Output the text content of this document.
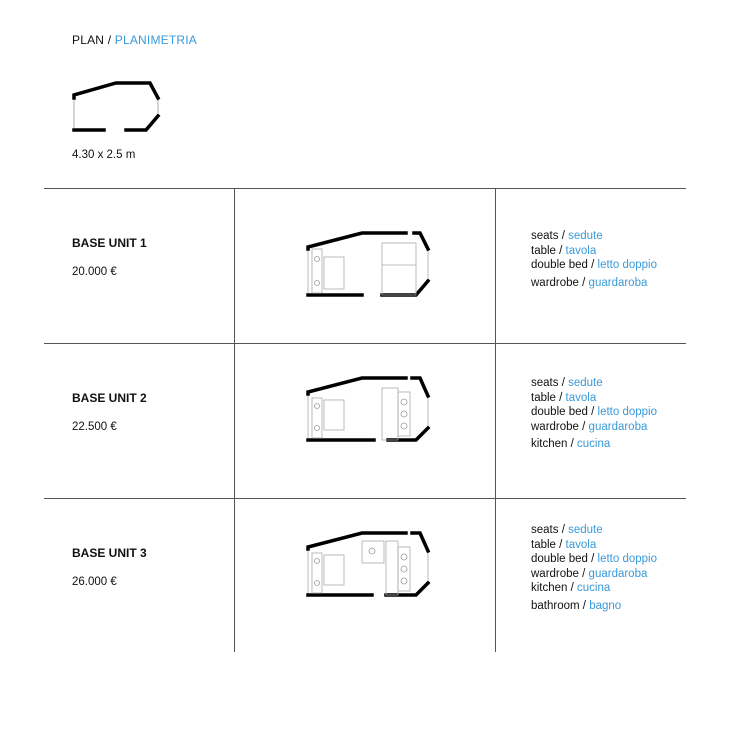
PLAN / PLANIMETRIA
4.30 x 2.5 m
BASE UNIT 1
20.000 €
seats / sedute
table / tavola
double bed / letto doppio
wardrobe / guardaroba
BASE UNIT 2
22.500 €
seats / sedute
table / tavola
double bed / letto doppio
wardrobe / guardaroba
kitchen / cucina
BASE UNIT 3
26.000 €
seats / sedute
table / tavola
double bed / letto doppio
wardrobe / guardaroba
kitchen / cucina
bathroom / bagno
